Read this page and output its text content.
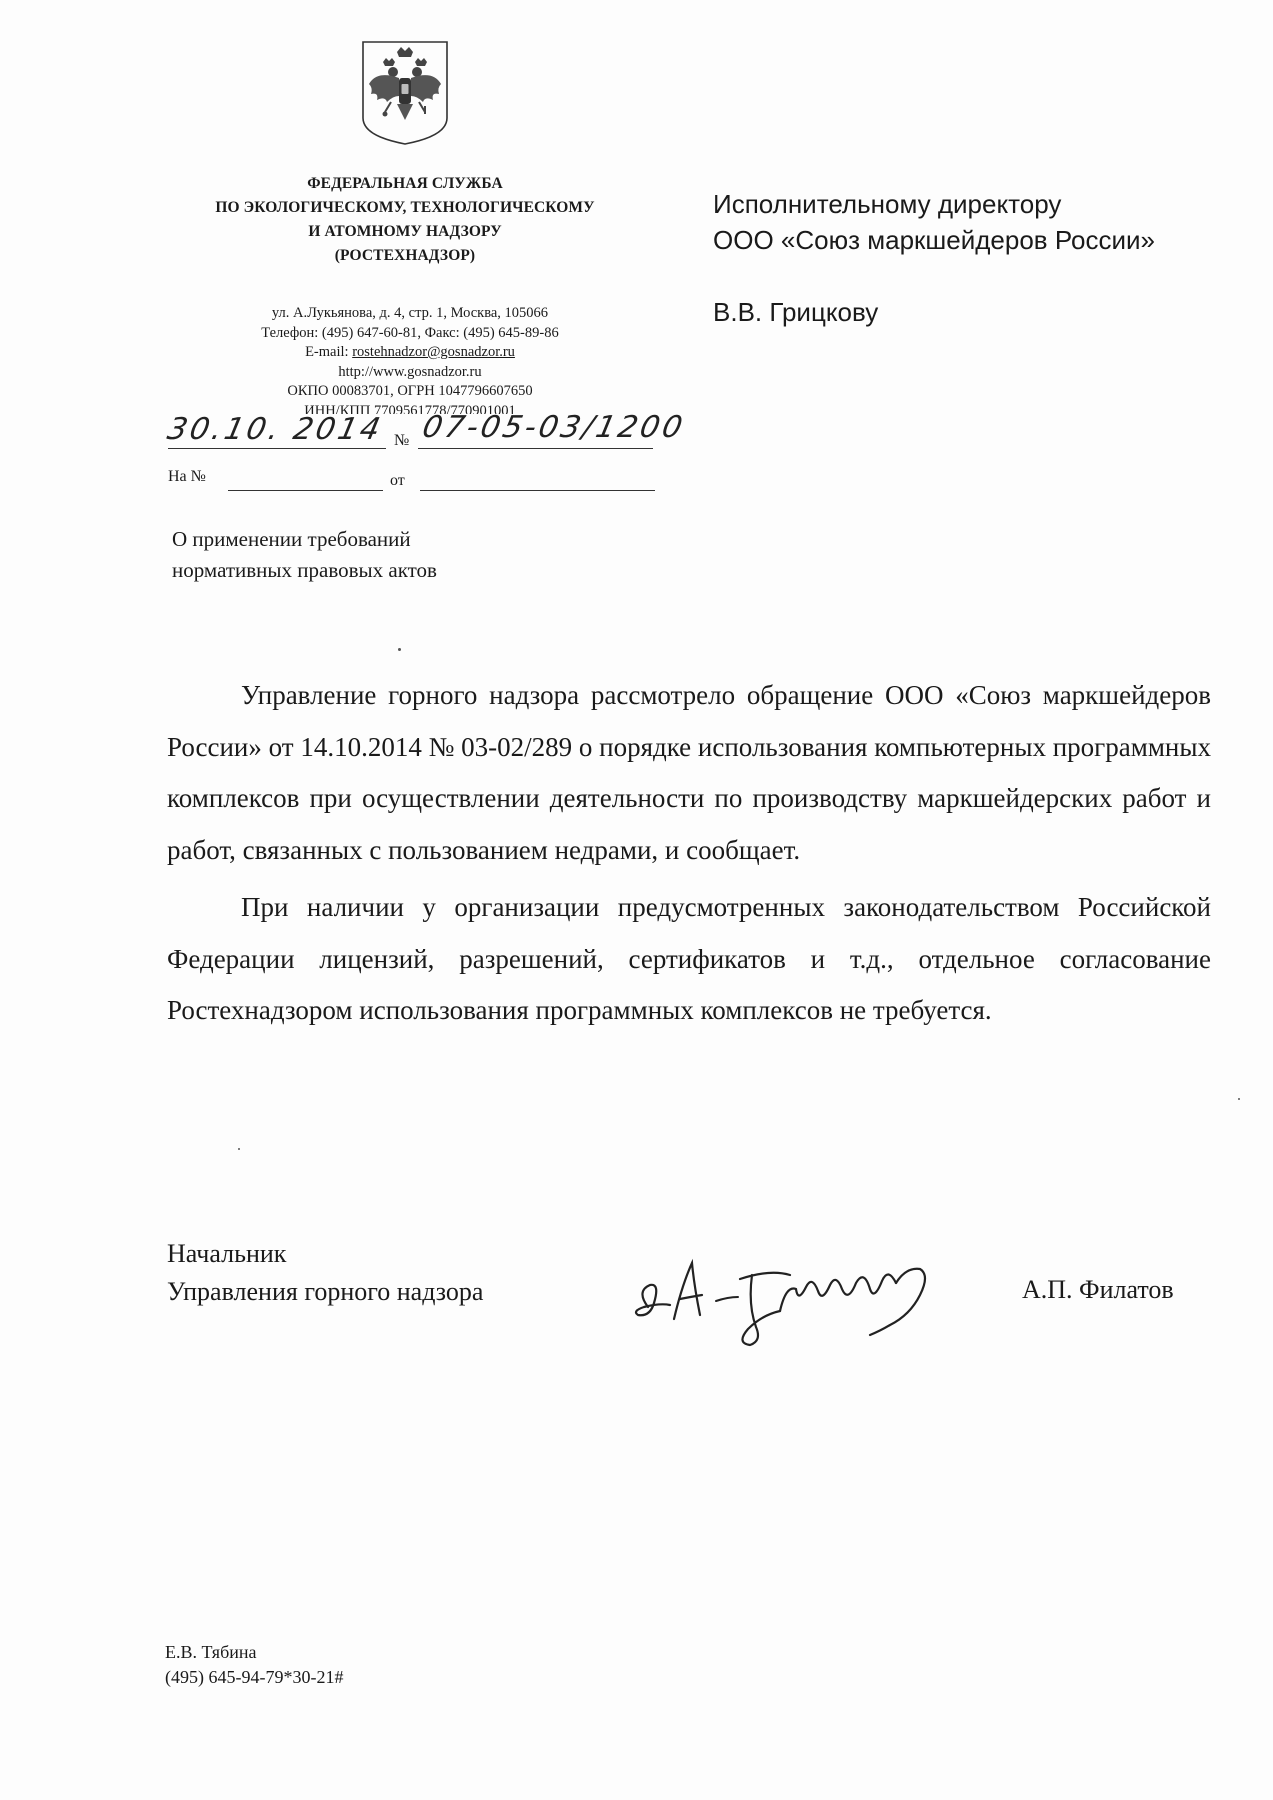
ФЕДЕРАЛЬНАЯ СЛУЖБА
ПО ЭКОЛОГИЧЕСКОМУ, ТЕХНОЛОГИЧЕСКОМУ
И АТОМНОМУ НАДЗОРУ
(РОСТЕХНАДЗОР)
ул. А.Лукьянова, д. 4, стр. 1, Москва, 105066
Телефон: (495) 647-60-81, Факс: (495) 645-89-86
E-mail: rostehnadzor@gosnadzor.ru
http://www.gosnadzor.ru
ОКПО 00083701, ОГРН 1047796607650
ИНН/КПП 7709561778/770901001
30.10. 2014 № 07-05-03/1200
На №	от
О применении требований
нормативных правовых актов
Исполнительному директору
ООО «Союз маркшейдеров России»
В.В. Грицкову

Управление горного надзора рассмотрело обращение ООО «Союз маркшейдеров России» от 14.10.2014 № 03-02/289 о порядке использования компьютерных программных комплексов при осуществлении деятельности по производству маркшейдерских работ и работ, связанных с пользованием недрами, и сообщает.

При наличии у организации предусмотренных законодательством Российской Федерации лицензий, разрешений, сертификатов и т.д., отдельное согласование Ростехнадзором использования программных комплексов не требуется.

Начальник
Управления горного надзора	А.П. Филатов
Е.В. Тябина
(495) 645-94-79*30-21#
